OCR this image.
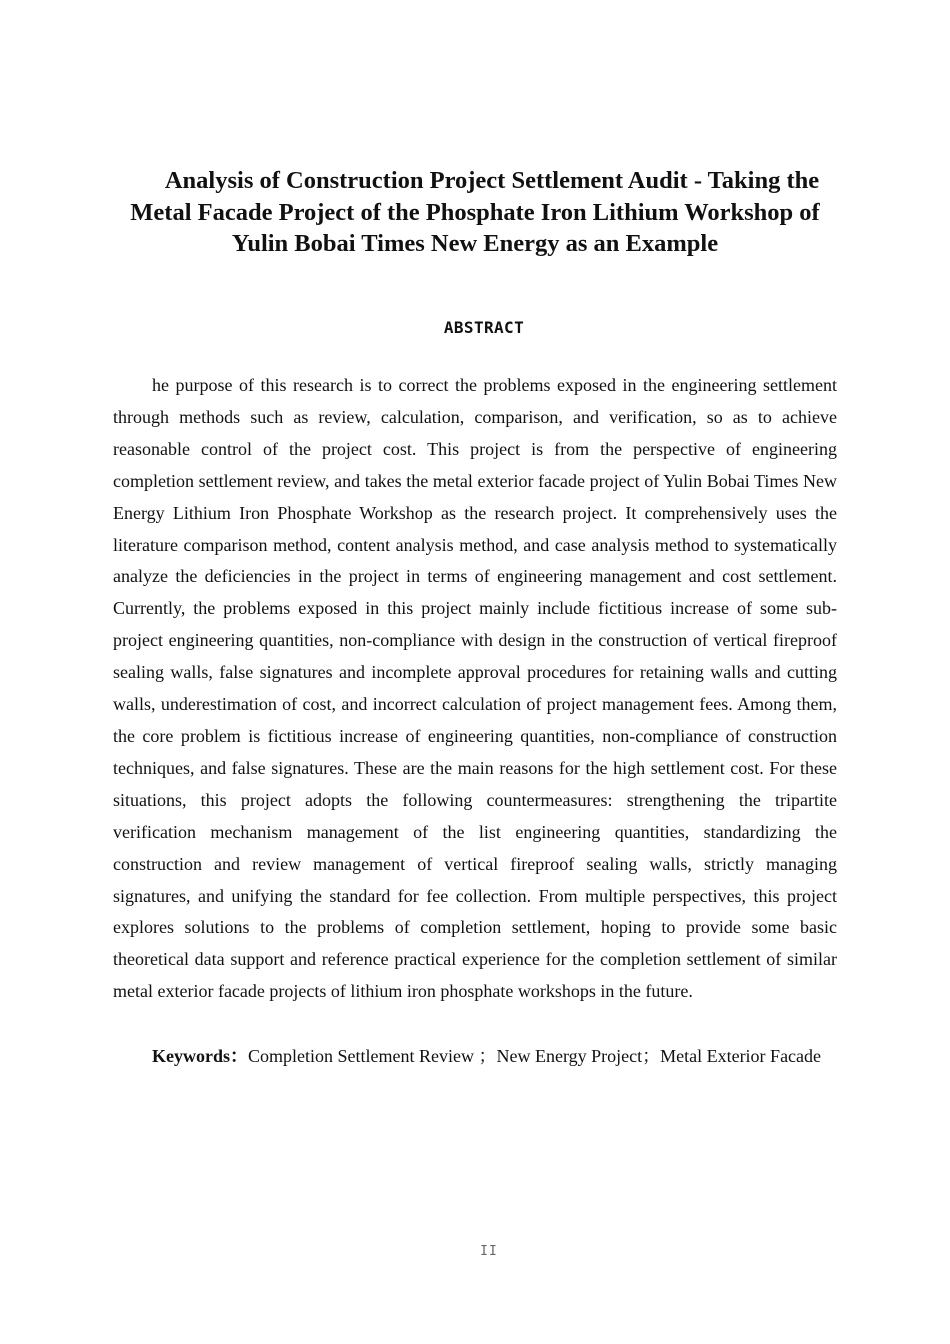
Analysis of Construction Project Settlement Audit - Taking the Metal Facade Project of the Phosphate Iron Lithium Workshop of Yulin Bobai Times New Energy as an Example
ABSTRACT

he purpose of this research is to correct the problems exposed in the engineering settlement through methods such as review, calculation, comparison, and verification, so as to achieve reasonable control of the project cost. This project is from the perspective of engineering completion settlement review, and takes the metal exterior facade project of Yulin Bobai Times New Energy Lithium Iron Phosphate Workshop as the research project. It comprehensively uses the literature comparison method, content analysis method, and case analysis method to systematically analyze the deficiencies in the project in terms of engineering management and cost settlement. Currently, the problems exposed in this project mainly include fictitious increase of some sub-project engineering quantities, non-compliance with design in the construction of vertical fireproof sealing walls, false signatures and incomplete approval procedures for retaining walls and cutting walls, underestimation of cost, and incorrect calculation of project management fees. Among them, the core problem is fictitious increase of engineering quantities, non-compliance of construction techniques, and false signatures. These are the main reasons for the high settlement cost. For these situations, this project adopts the following countermeasures: strengthening the tripartite verification mechanism management of the list engineering quantities, standardizing the construction and review management of vertical fireproof sealing walls, strictly managing signatures, and unifying the standard for fee collection. From multiple perspectives, this project explores solutions to the problems of completion settlement, hoping to provide some basic theoretical data support and reference practical experience for the completion settlement of similar metal exterior facade projects of lithium iron phosphate workshops in the future.

Keywords：Completion Settlement Review ；New Energy Project；Metal Exterior Facade

II
